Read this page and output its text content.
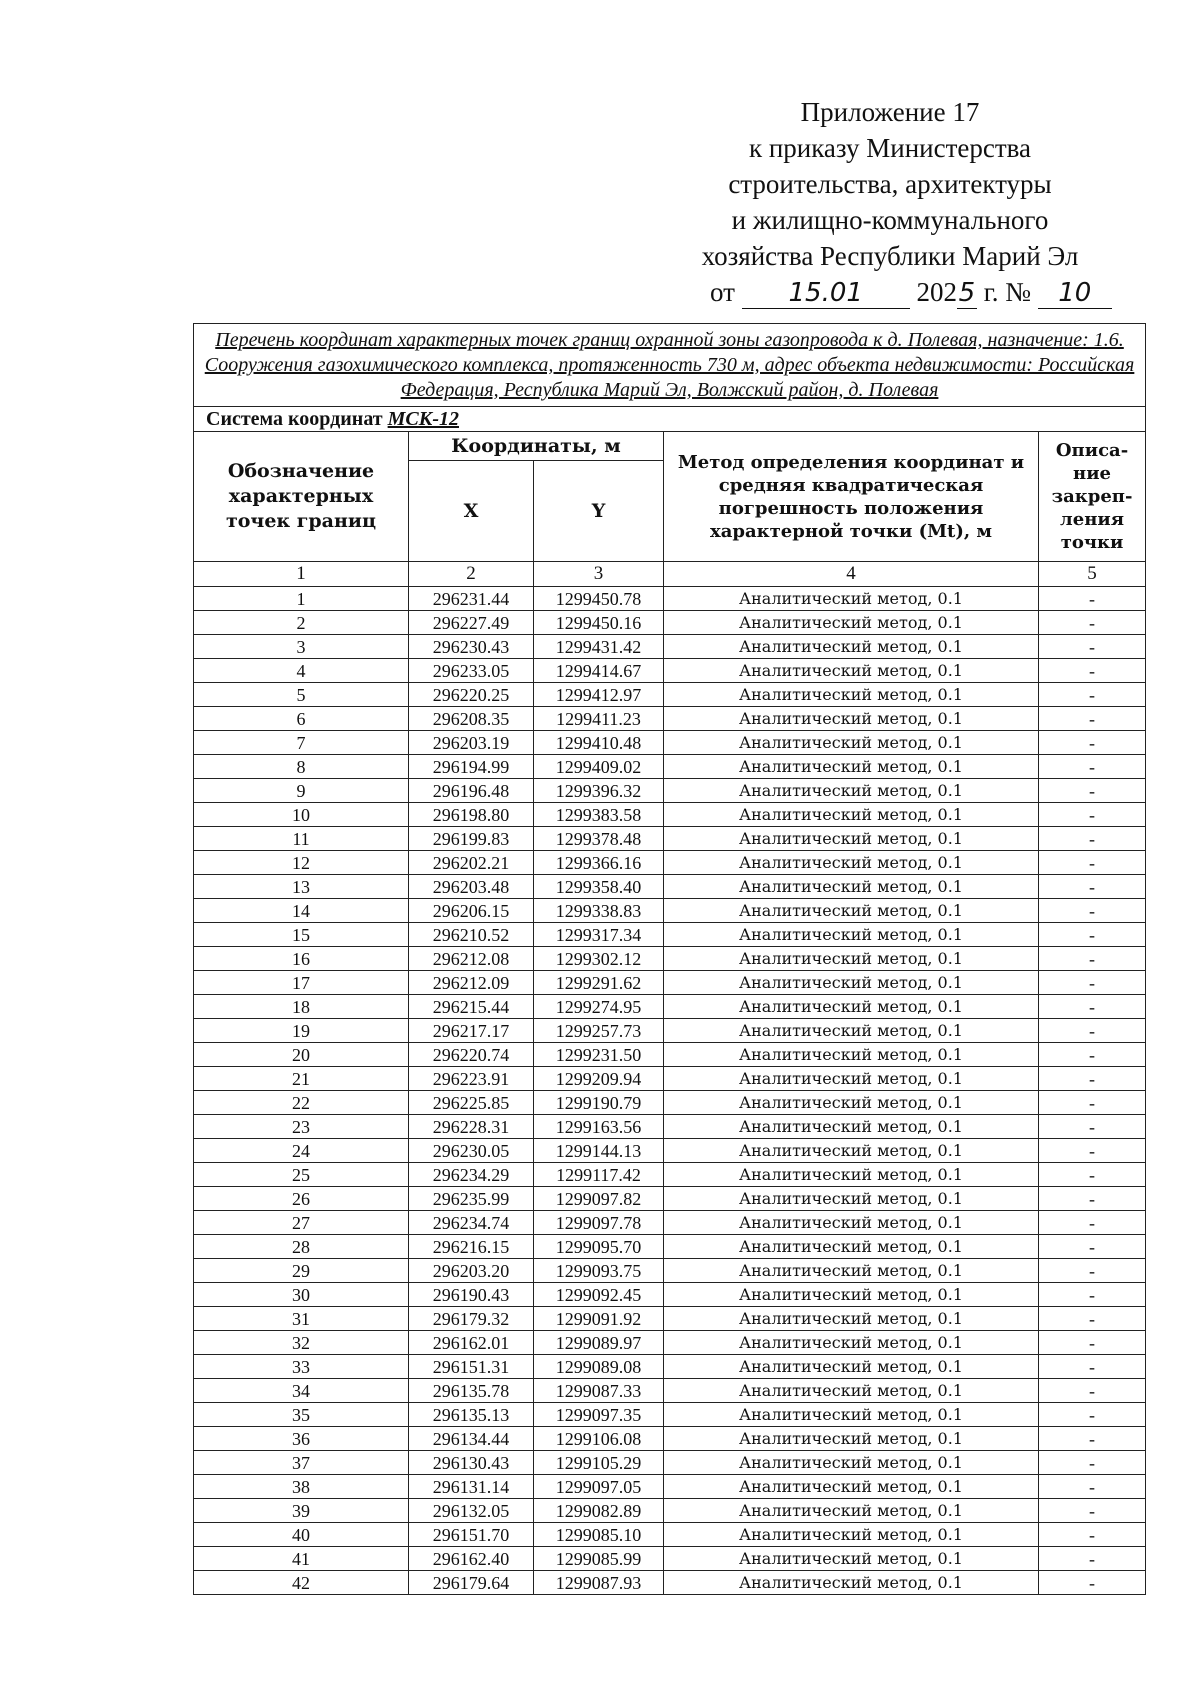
Приложение 17
к приказу Министерства
строительства, архитектуры
и жилищно-коммунального
хозяйства Республики Марий Эл
от 15.01 2025 г. № 10
Перечень координат характерных точек границ охранной зоны газопровода к д. Полевая, назначение: 1.6. Сооружения газохимического комплекса, протяженность 730 м, адрес объекта недвижимости: Российская Федерация, Республика Марий Эл, Волжский район, д. Полевая				
Система координат МСК-12				
Обозначение характерных точек границ	Координаты, м		Метод определения координат и средняя квадратическая погрешность положения характерной точки (Mt), м	Описа-ние закреп-ления точки
	X	Y		
1	2	3	4	5
1	296231.44	1299450.78	Аналитический метод, 0.1	-
2	296227.49	1299450.16	Аналитический метод, 0.1	-
3	296230.43	1299431.42	Аналитический метод, 0.1	-
4	296233.05	1299414.67	Аналитический метод, 0.1	-
5	296220.25	1299412.97	Аналитический метод, 0.1	-
6	296208.35	1299411.23	Аналитический метод, 0.1	-
7	296203.19	1299410.48	Аналитический метод, 0.1	-
8	296194.99	1299409.02	Аналитический метод, 0.1	-
9	296196.48	1299396.32	Аналитический метод, 0.1	-
10	296198.80	1299383.58	Аналитический метод, 0.1	-
11	296199.83	1299378.48	Аналитический метод, 0.1	-
12	296202.21	1299366.16	Аналитический метод, 0.1	-
13	296203.48	1299358.40	Аналитический метод, 0.1	-
14	296206.15	1299338.83	Аналитический метод, 0.1	-
15	296210.52	1299317.34	Аналитический метод, 0.1	-
16	296212.08	1299302.12	Аналитический метод, 0.1	-
17	296212.09	1299291.62	Аналитический метод, 0.1	-
18	296215.44	1299274.95	Аналитический метод, 0.1	-
19	296217.17	1299257.73	Аналитический метод, 0.1	-
20	296220.74	1299231.50	Аналитический метод, 0.1	-
21	296223.91	1299209.94	Аналитический метод, 0.1	-
22	296225.85	1299190.79	Аналитический метод, 0.1	-
23	296228.31	1299163.56	Аналитический метод, 0.1	-
24	296230.05	1299144.13	Аналитический метод, 0.1	-
25	296234.29	1299117.42	Аналитический метод, 0.1	-
26	296235.99	1299097.82	Аналитический метод, 0.1	-
27	296234.74	1299097.78	Аналитический метод, 0.1	-
28	296216.15	1299095.70	Аналитический метод, 0.1	-
29	296203.20	1299093.75	Аналитический метод, 0.1	-
30	296190.43	1299092.45	Аналитический метод, 0.1	-
31	296179.32	1299091.92	Аналитический метод, 0.1	-
32	296162.01	1299089.97	Аналитический метод, 0.1	-
33	296151.31	1299089.08	Аналитический метод, 0.1	-
34	296135.78	1299087.33	Аналитический метод, 0.1	-
35	296135.13	1299097.35	Аналитический метод, 0.1	-
36	296134.44	1299106.08	Аналитический метод, 0.1	-
37	296130.43	1299105.29	Аналитический метод, 0.1	-
38	296131.14	1299097.05	Аналитический метод, 0.1	-
39	296132.05	1299082.89	Аналитический метод, 0.1	-
40	296151.70	1299085.10	Аналитический метод, 0.1	-
41	296162.40	1299085.99	Аналитический метод, 0.1	-
42	296179.64	1299087.93	Аналитический метод, 0.1	-
